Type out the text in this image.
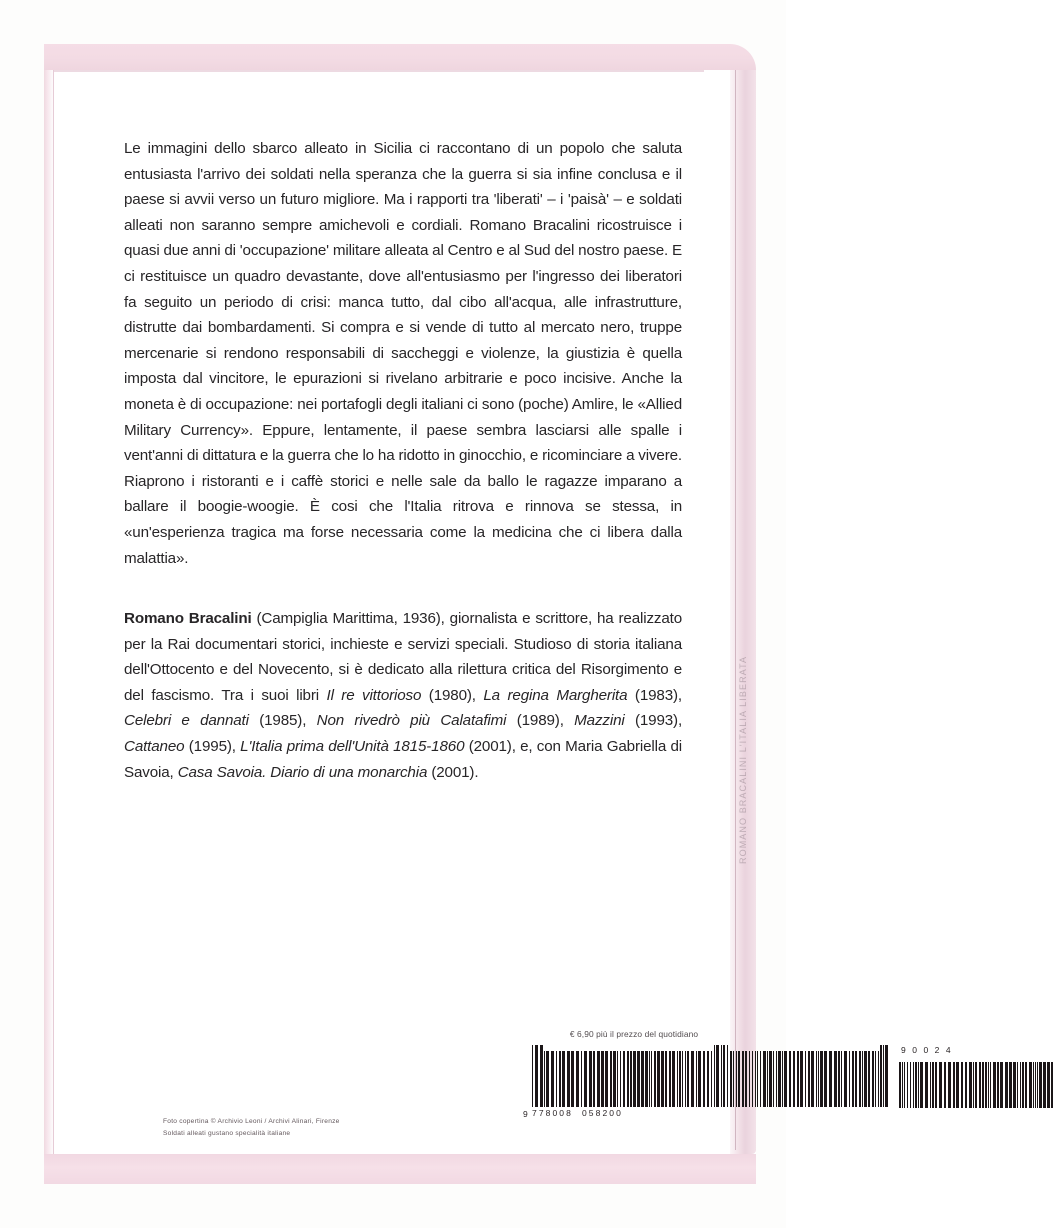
ROMANO BRACALINI L'ITALIA LIBERATA

Le immagini dello sbarco alleato in Sicilia ci raccontano di un popolo che saluta entusiasta l'arrivo dei soldati nella speranza che la guerra si sia infine conclusa e il paese si avvii verso un futuro migliore. Ma i rapporti tra 'liberati' – i 'paisà' – e soldati alleati non saranno sempre amichevoli e cordiali. Romano Bracalini ricostruisce i quasi due anni di 'occupazione' militare alleata al Centro e al Sud del nostro paese. E ci restituisce un quadro devastante, dove all'entusiasmo per l'ingresso dei liberatori fa seguito un periodo di crisi: manca tutto, dal cibo all'acqua, alle infrastrutture, distrutte dai bombardamenti. Si compra e si vende di tutto al mercato nero, truppe mercenarie si rendono responsabili di saccheggi e violenze, la giustizia è quella imposta dal vincitore, le epurazioni si rivelano arbitrarie e poco incisive. Anche la moneta è di occupazione: nei portafogli degli italiani ci sono (poche) Amlire, le «Allied Military Currency». Eppure, lentamente, il paese sembra lasciarsi alle spalle i vent'anni di dittatura e la guerra che lo ha ridotto in ginocchio, e ricominciare a vivere. Riaprono i ristoranti e i caffè storici e nelle sale da ballo le ragazze imparano a ballare il boogie-woogie. È cosi che l'Italia ritrova e rinnova se stessa, in «un'esperienza tragica ma forse necessaria come la medicina che ci libera dalla malattia».

Romano Bracalini (Campiglia Marittima, 1936), giornalista e scrittore, ha realizzato per la Rai documentari storici, inchieste e servizi speciali. Studioso di storia italiana dell'Ottocento e del Novecento, si è dedicato alla rilettura critica del Risorgimento e del fascismo. Tra i suoi libri Il re vittorioso (1980), La regina Margherita (1983), Celebri e dannati (1985), Non rivedrò più Calatafimi (1989), Mazzini (1993), Cattaneo (1995), L'Italia prima dell'Unità 1815-1860 (2001), e, con Maria Gabriella di Savoia, Casa Savoia. Diario di una monarchia (2001).

€ 6,90 più il prezzo del quotidiano
9 778008 058200
90024
Foto copertina © Archivio Leoni / Archivi Alinari, Firenze
Soldati alleati gustano specialità italiane
